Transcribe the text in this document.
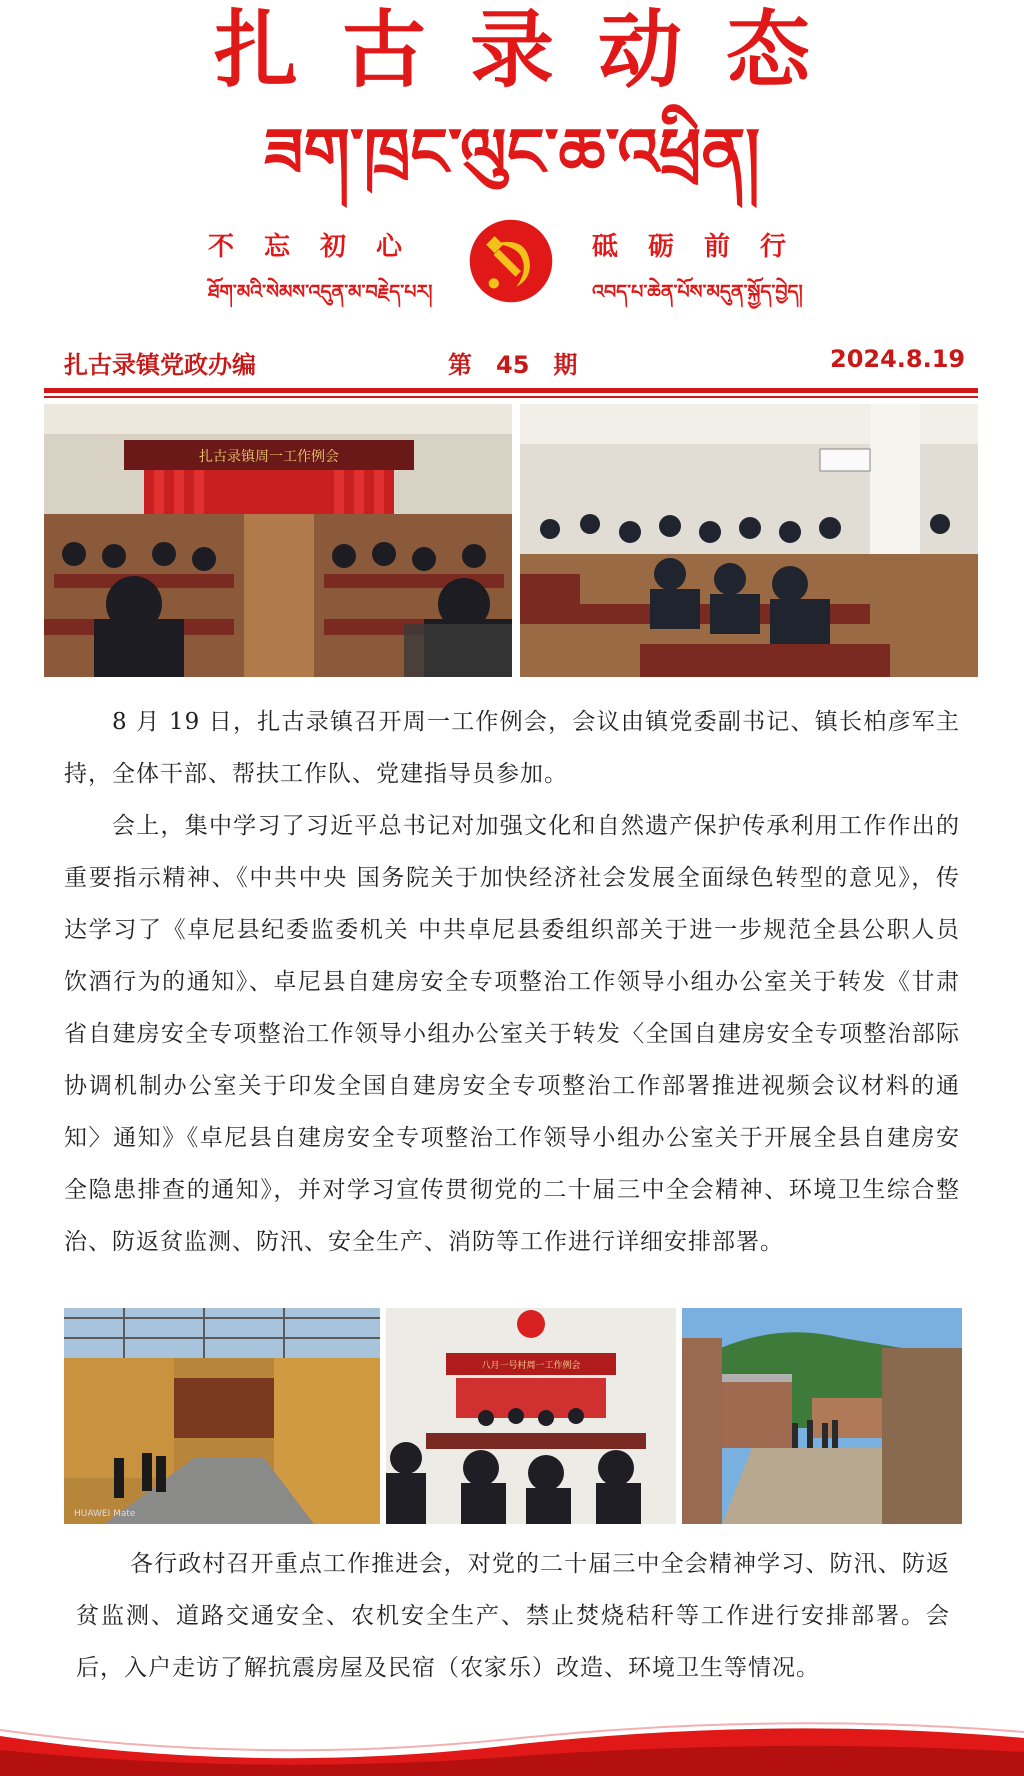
扎古录动态
ཟག་ཁྲང་ལུང་ཆ་འཕྲིན།
不忘初心
ཐོག་མའི་སེམས་འདུན་མ་བརྗེད་པར།
砥砺前行
འབད་པ་ཆེན་པོས་མདུན་སྐྱོད་བྱེད།
扎古录镇党政办编	第　45　期	2024.8.19
扎古录镇周一工作例会

8 月 19 日，扎古录镇召开周一工作例会，会议由镇党委副书记、镇长柏彦军主持，全体干部、帮扶工作队、党建指导员参加。

会上，集中学习了习近平总书记对加强文化和自然遗产保护传承利用工作作出的重要指示精神、《中共中央 国务院关于加快经济社会发展全面绿色转型的意见》，传达学习了《卓尼县纪委监委机关 中共卓尼县委组织部关于进一步规范全县公职人员饮酒行为的通知》、卓尼县自建房安全专项整治工作领导小组办公室关于转发《甘肃省自建房安全专项整治工作领导小组办公室关于转发〈全国自建房安全专项整治部际协调机制办公室关于印发全国自建房安全专项整治工作部署推进视频会议材料的通知〉通知》《卓尼县自建房安全专项整治工作领导小组办公室关于开展全县自建房安全隐患排查的通知》，并对学习宣传贯彻党的二十届三中全会精神、环境卫生综合整治、防返贫监测、防汛、安全生产、消防等工作进行详细安排部署。

HUAWEI Mate
八月一号村周一工作例会

各行政村召开重点工作推进会，对党的二十届三中全会精神学习、防汛、防返贫监测、道路交通安全、农机安全生产、禁止焚烧秸秆等工作进行安排部署。会后，入户走访了解抗震房屋及民宿（农家乐）改造、环境卫生等情况。
